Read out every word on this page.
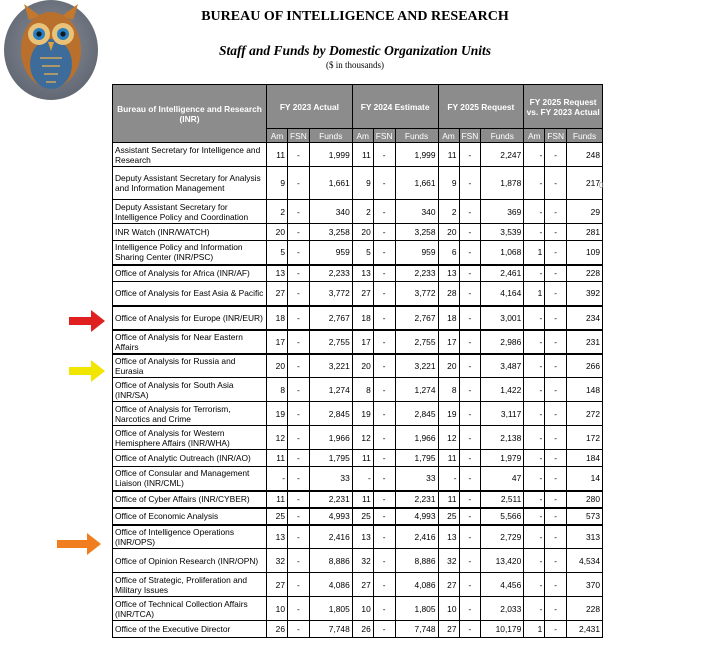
BUREAU OF INTELLIGENCE AND RESEARCH
Staff and Funds by Domestic Organization Units
($ in thousands)
Bureau of Intelligence and Research (INR)	FY 2023 Actual			FY 2024 Estimate			FY 2025 Request			FY 2025 Request vs. FY 2023 Actual		
	Am	FSN	Funds	Am	FSN	Funds	Am	FSN	Funds	Am	FSN	Funds
Assistant Secretary for Intelligence and Research	11	-	1,999	11	-	1,999	11	-	2,247	-	-	248
Deputy Assistant Secretary for Analysis and Information Management	9	-	1,661	9	-	1,661	9	-	1,878	-	-	217
Deputy Assistant Secretary for Intelligence Policy and Coordination	2	-	340	2	-	340	2	-	369	-	-	29
INR Watch (INR/WATCH)	20	-	3,258	20	-	3,258	20	-	3,539	-	-	281
Intelligence Policy and Information Sharing Center (INR/PSC)	5	-	959	5	-	959	6	-	1,068	1	-	109
Office of Analysis for Africa (INR/AF)	13	-	2,233	13	-	2,233	13	-	2,461	-	-	228
Office of Analysis for East Asia & Pacific	27	-	3,772	27	-	3,772	28	-	4,164	1	-	392
Office of Analysis for Europe (INR/EUR)	18	-	2,767	18	-	2,767	18	-	3,001	-	-	234
Office of Analysis for Near Eastern Affairs	17	-	2,755	17	-	2,755	17	-	2,986	-	-	231
Office of Analysis for Russia and Eurasia	20	-	3,221	20	-	3,221	20	-	3,487	-	-	266
Office of Analysis for South Asia (INR/SA)	8	-	1,274	8	-	1,274	8	-	1,422	-	-	148
Office of Analysis for Terrorism, Narcotics and Crime	19	-	2,845	19	-	2,845	19	-	3,117	-	-	272
Office of Analysis for Western Hemisphere Affairs (INR/WHA)	12	-	1,966	12	-	1,966	12	-	2,138	-	-	172
Office of Analytic Outreach (INR/AO)	11	-	1,795	11	-	1,795	11	-	1,979	-	-	184
Office of Consular and Management Liaison (INR/CML)	-	-	33	-	-	33	-	-	47	-	-	14
Office of Cyber Affairs (INR/CYBER)	11	-	2,231	11	-	2,231	11	-	2,511	-	-	280
Office of Economic Analysis	25	-	4,993	25	-	4,993	25	-	5,566	-	-	573
Office of Intelligence Operations (INR/OPS)	13	-	2,416	13	-	2,416	13	-	2,729	-	-	313
Office of Opinion Research (INR/OPN)	32	-	8,886	32	-	8,886	32	-	13,420	-	-	4,534
Office of Strategic, Proliferation and Military Issues	27	-	4,086	27	-	4,086	27	-	4,456	-	-	370
Office of Technical Collection Affairs (INR/TCA)	10	-	1,805	10	-	1,805	10	-	2,033	-	-	228
Office of the Executive Director	26	-	7,748	26	-	7,748	27	-	10,179	1	-	2,431
0
